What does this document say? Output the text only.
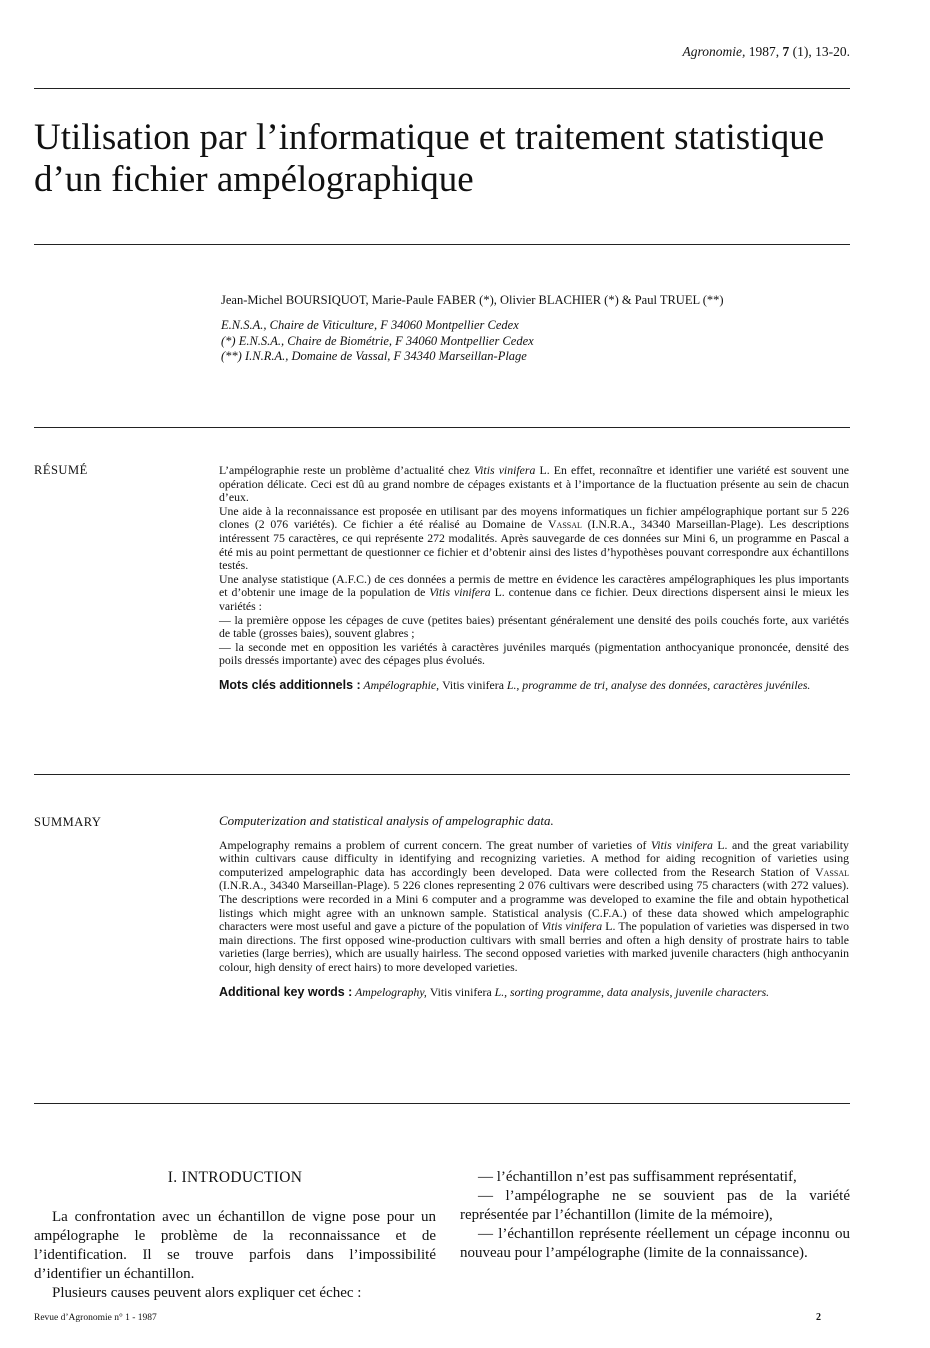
Agronomie, 1987, 7 (1), 13-20.
Utilisation par l’informatique et traitement statistique d’un fichier ampélographique
Jean-Michel BOURSIQUOT, Marie-Paule FABER (*), Olivier BLACHIER (*) & Paul TRUEL (**)
E.N.S.A., Chaire de Viticulture, F 34060 Montpellier Cedex
(*) E.N.S.A., Chaire de Biométrie, F 34060 Montpellier Cedex
(**) I.N.R.A., Domaine de Vassal, F 34340 Marseillan-Plage
RÉSUMÉ	L’ampélographie reste un problème d’actualité chez Vitis vinifera L. En effet, reconnaître et identifier une variété est souvent une opération délicate. Ceci est dû au grand nombre de cépages existants et à l’importance de la fluctuation présente au sein de chacun d’eux.

Une aide à la reconnaissance est proposée en utilisant par des moyens informatiques un fichier ampélographique portant sur 5 226 clones (2 076 variétés). Ce fichier a été réalisé au Domaine de Vassal (I.N.R.A., 34340 Marseillan-Plage). Les descriptions intéressent 75 caractères, ce qui représente 272 modalités. Après sauvegarde de ces données sur Mini 6, un programme en Pascal a été mis au point permettant de questionner ce fichier et d’obtenir ainsi des listes d’hypothèses pouvant correspondre aux échantillons testés.

Une analyse statistique (A.F.C.) de ces données a permis de mettre en évidence les caractères ampélographiques les plus importants et d’obtenir une image de la population de Vitis vinifera L. contenue dans ce fichier. Deux directions dispersent ainsi le mieux les variétés :

— la première oppose les cépages de cuve (petites baies) présentant généralement une densité des poils couchés forte, aux variétés de table (grosses baies), souvent glabres ;

— la seconde met en opposition les variétés à caractères juvéniles marqués (pigmentation anthocyanique prononcée, densité des poils dressés importante) avec des cépages plus évolués.

Mots clés additionnels : Ampélographie, Vitis vinifera L., programme de tri, analyse des données, caractères juvéniles.

SUMMARY	Computerization and statistical analysis of ampelographic data.

Ampelography remains a problem of current concern. The great number of varieties of Vitis vinifera L. and the great variability within cultivars cause difficulty in identifying and recognizing varieties. A method for aiding recognition of varieties using computerized ampelographic data has accordingly been developed. Data were collected from the Research Station of Vassal (I.N.R.A., 34340 Marseillan-Plage). 5 226 clones representing 2 076 cultivars were described using 75 characters (with 272 values). The descriptions were recorded in a Mini 6 computer and a programme was developed to examine the file and obtain hypothetical listings which might agree with an unknown sample. Statistical analysis (C.F.A.) of these data showed which ampelographic characters were most useful and gave a picture of the population of Vitis vinifera L. The population of varieties was dispersed in two main directions. The first opposed wine-production cultivars with small berries and often a high density of prostrate hairs to table varieties (large berries), which are usually hairless. The second opposed varieties with marked juvenile characters (high anthocyanin colour, high density of erect hairs) to more developed varieties.

Additional key words : Ampelography, Vitis vinifera L., sorting programme, data analysis, juvenile characters.

I. INTRODUCTION

La confrontation avec un échantillon de vigne pose pour un ampélographe le problème de la reconnaissance et de l’identification. Il se trouve parfois dans l’impossibilité d’identifier un échantillon.

Plusieurs causes peuvent alors expliquer cet échec :

— l’échantillon n’est pas suffisamment représentatif,

— l’ampélographe ne se souvient pas de la variété représentée par l’échantillon (limite de la mémoire),

— l’échantillon représente réellement un cépage inconnu ou nouveau pour l’ampélographe (limite de la connaissance).

Revue d’Agronomie n° 1 - 1987	2
